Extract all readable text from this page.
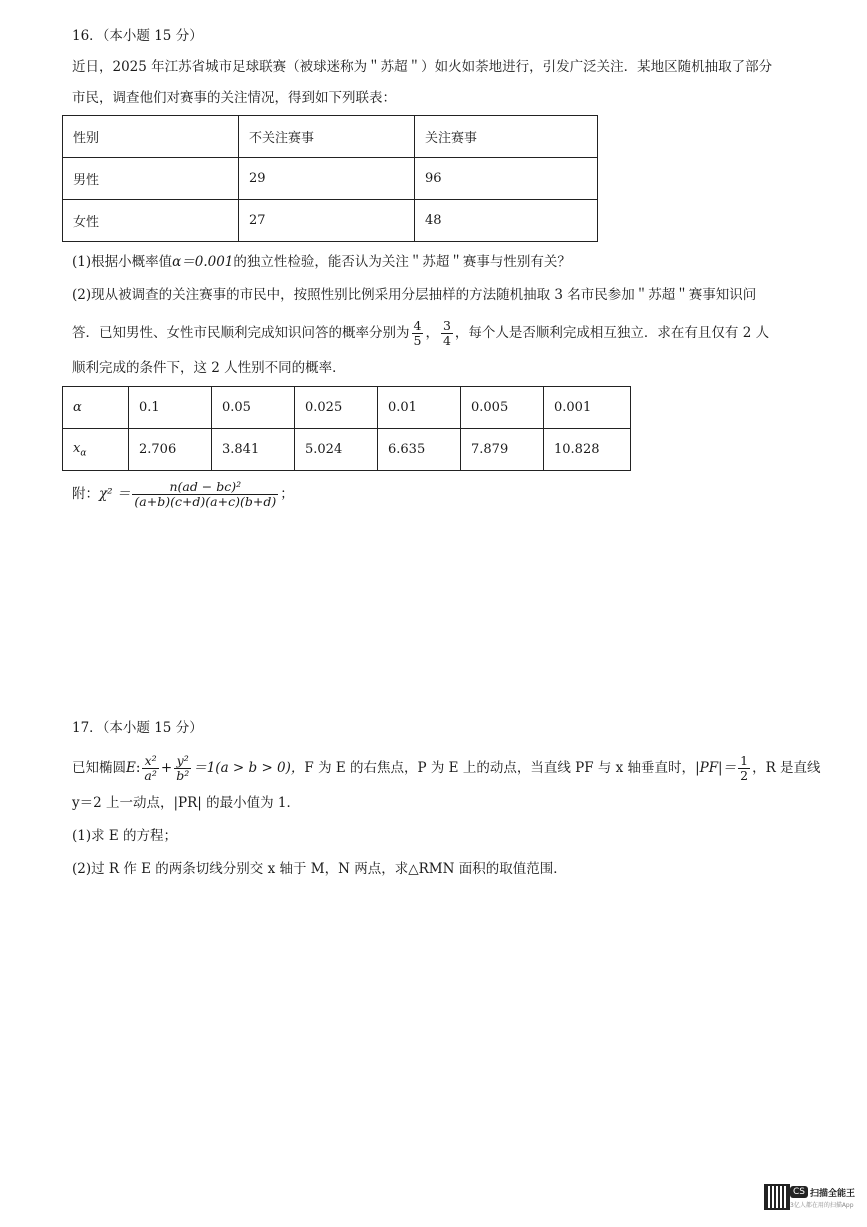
16．（本小题 15 分）
近日，2025 年江苏省城市足球联赛（被球迷称为＂苏超＂）如火如荼地进行，引发广泛关注．某地区随机抽取了部分
市民，调查他们对赛事的关注情况，得到如下列联表：
性别	不关注赛事	关注赛事
男性	29	96
女性	27	48
(1)根据小概率值α＝0.001的独立性检验，能否认为关注＂苏超＂赛事与性别有关？
(2)现从被调查的关注赛事的市民中，按照性别比例采用分层抽样的方法随机抽取 3 名市民参加＂苏超＂赛事知识问
答．已知男性、女性市民顺利完成知识问答的概率分别为 $\frac{4}{5}$ ， $\frac{3}{4}$ ，每个人是否顺利完成相互独立．求在有且仅有 2 人
顺利完成的条件下，这 2 人性别不同的概率．
α	0.1	0.05	0.025	0.01	0.005	0.001
$x_\alpha$	2.706	3.841	5.024	6.635	7.879	10.828
附：$\chi^2 = \frac{\text{n(ad − bc)²}}{(a+b)(c+d)(a+c)(b+d)}$ ；
17．（本小题 15 分）
已知椭圆E: $\frac{\text{x²}}{\text{a²}} + \frac{\text{y²}}{\text{b²}} =1(a > b > 0)$，F 为 E 的右焦点，P 为 E 上的动点，当直线 PF 与 x 轴垂直时，$|PF|= \frac{1}{2}$ ，R 是直线
y＝2 上一动点，|PR| 的最小值为 1．
(1)求 E 的方程；
(2)过 R 作 E 的两条切线分别交 x 轴于 M，N 两点，求△RMN 面积的取值范围．
CS 扫描全能王
3亿人都在用的扫描App
